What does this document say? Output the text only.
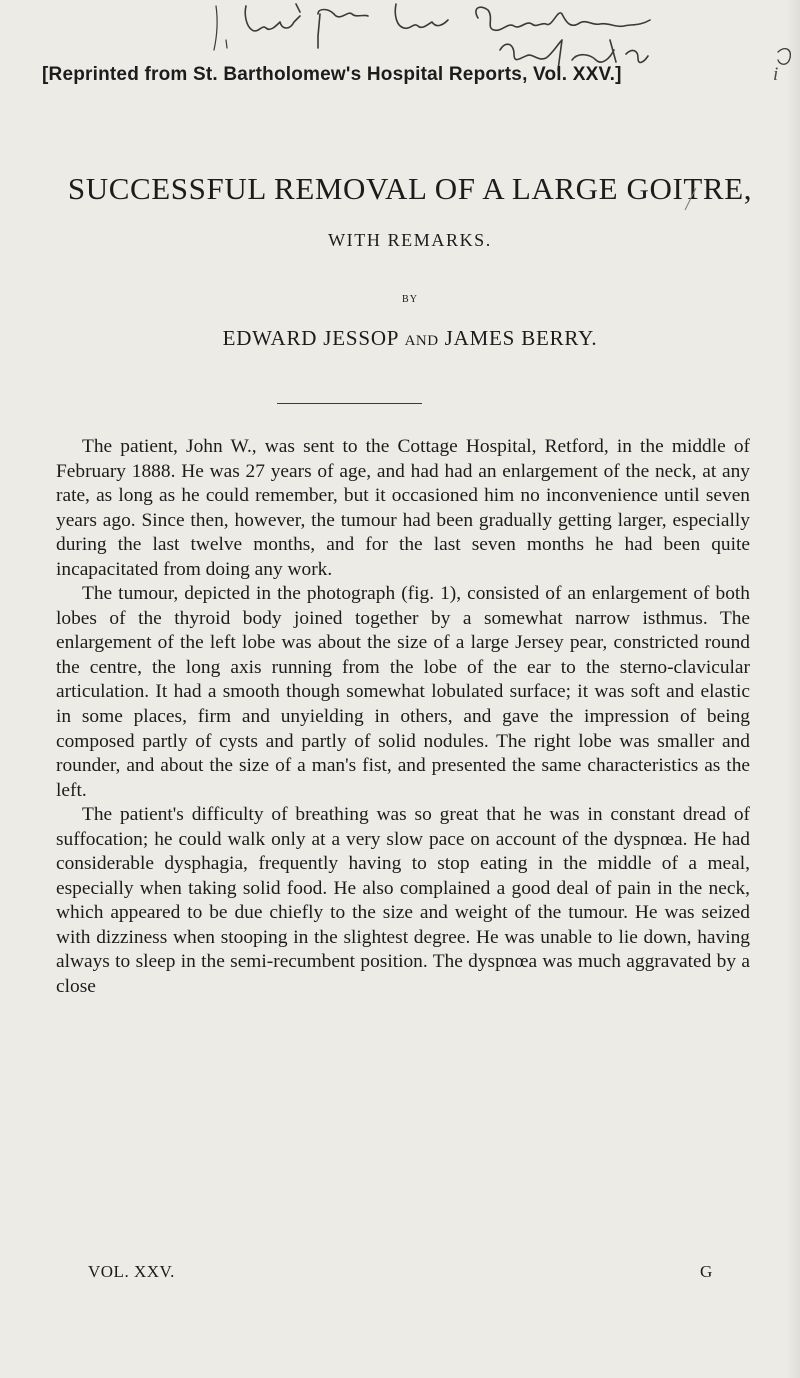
[Reprinted from St. Bartholomew's Hospital Reports, Vol. XXV.]	i
SUCCESSFUL REMOVAL OF A LARGE GOITRE,
WITH REMARKS.
BY
EDWARD JESSOP AND JAMES BERRY.

The patient, John W., was sent to the Cottage Hospital, Retford, in the middle of February 1888. He was 27 years of age, and had had an enlargement of the neck, at any rate, as long as he could remember, but it occasioned him no inconvenience until seven years ago. Since then, however, the tumour had been gradually getting larger, especially during the last twelve months, and for the last seven months he had been quite incapacitated from doing any work.

The tumour, depicted in the photograph (fig. 1), consisted of an enlargement of both lobes of the thyroid body joined together by a somewhat narrow isthmus. The enlargement of the left lobe was about the size of a large Jersey pear, constricted round the centre, the long axis running from the lobe of the ear to the sterno-clavicular articulation. It had a smooth though somewhat lobulated surface; it was soft and elastic in some places, firm and unyielding in others, and gave the impression of being composed partly of cysts and partly of solid nodules. The right lobe was smaller and rounder, and about the size of a man's fist, and presented the same characteristics as the left.

The patient's difficulty of breathing was so great that he was in constant dread of suffocation; he could walk only at a very slow pace on account of the dyspnœa. He had considerable dysphagia, frequently having to stop eating in the middle of a meal, especially when taking solid food. He also complained a good deal of pain in the neck, which appeared to be due chiefly to the size and weight of the tumour. He was seized with dizziness when stooping in the slightest degree. He was unable to lie down, having always to sleep in the semi-recumbent position. The dyspnœa was much aggravated by a close

VOL. XXV.	G
